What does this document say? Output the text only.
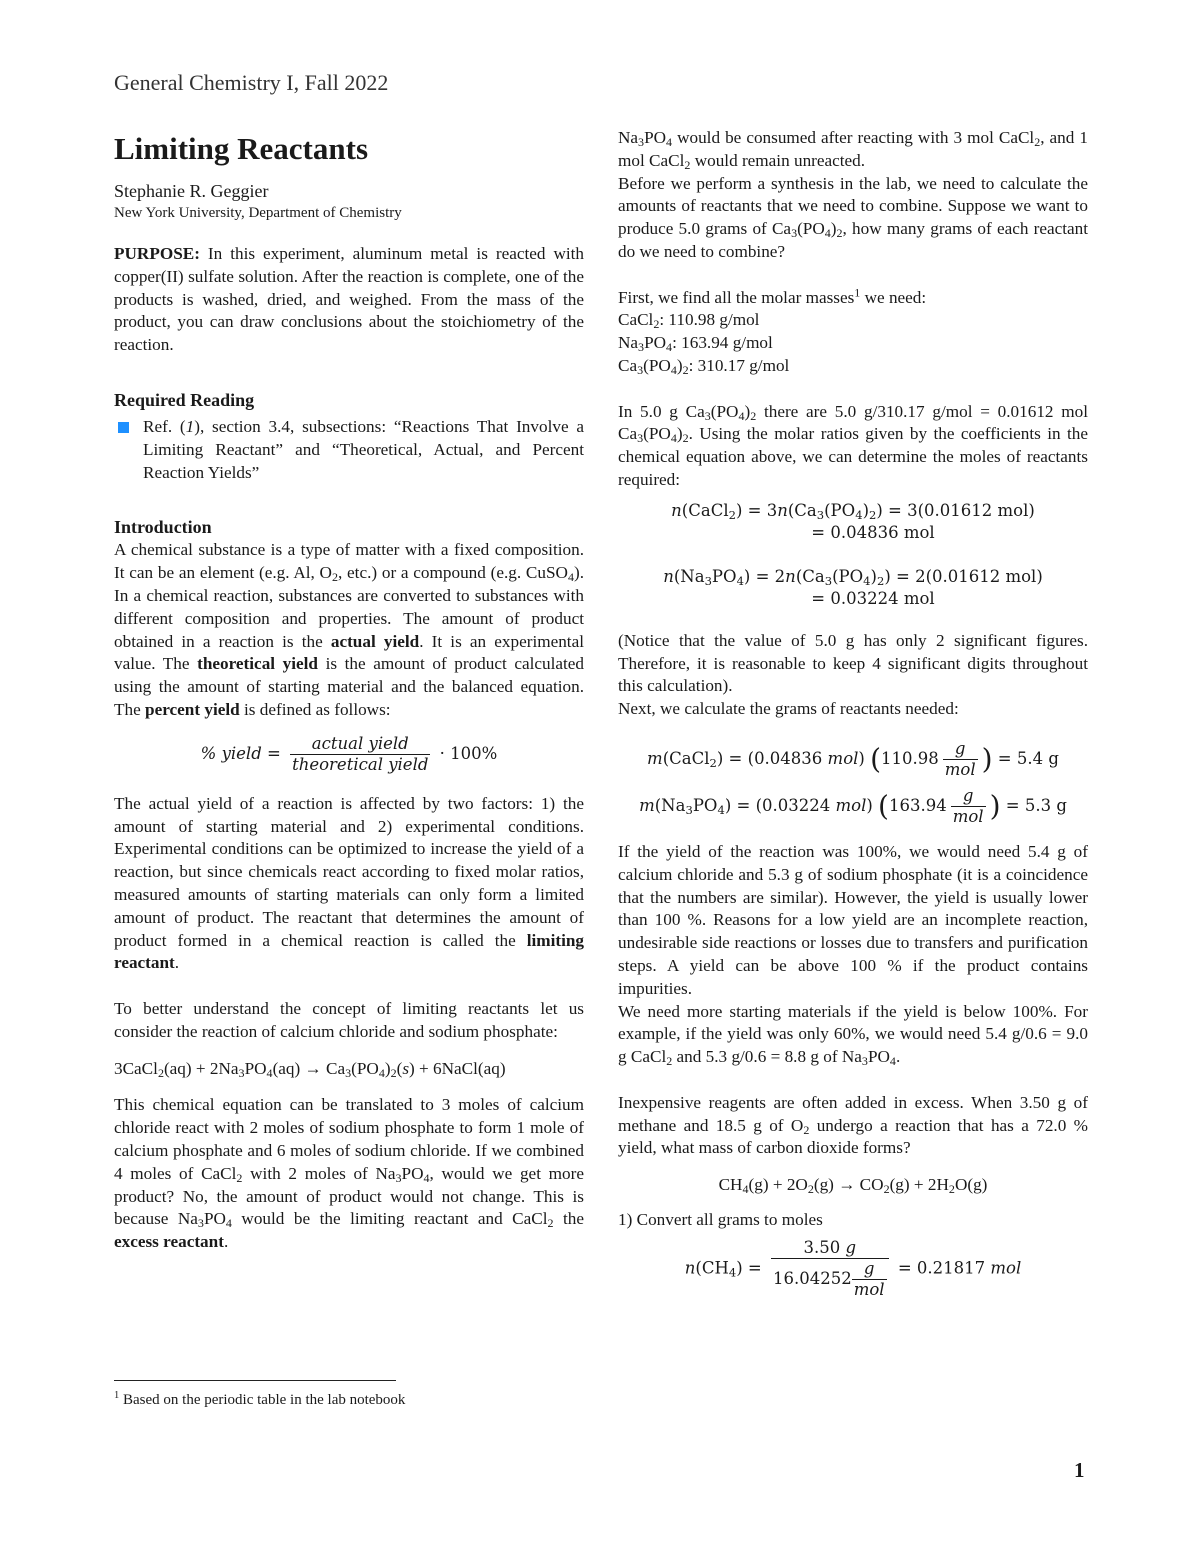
General Chemistry I, Fall 2022
Limiting Reactants
Stephanie R. Geggier
New York University, Department of Chemistry

PURPOSE: In this experiment, aluminum metal is reacted with copper(II) sulfate solution. After the reaction is complete, one of the products is washed, dried, and weighed. From the mass of the product, you can draw conclusions about the stoichiometry of the reaction.

Required Reading

Ref. (1), section 3.4, subsections: “Reactions That Involve a Limiting Reactant” and “Theoretical, Actual, and Percent Reaction Yields”

Introduction

A chemical substance is a type of matter with a fixed composition. It can be an element (e.g. Al, $O_2$, etc.) or a compound (e.g. CuSO$_4$). In a chemical reaction, substances are converted to substances with different composition and properties. The amount of product obtained in a reaction is the actual yield. It is an experimental value. The theoretical yield is the amount of product calculated using the amount of starting material and the balanced equation. The percent yield is defined as follows:

% yield = $\frac{\text{actual yield}}{\text{theoretical yield}} \cdot 100\%$

The actual yield of a reaction is affected by two factors: 1) the amount of starting material and 2) experimental conditions. Experimental conditions can be optimized to increase the yield of a reaction, but since chemicals react according to fixed molar ratios, measured amounts of starting materials can only form a limited amount of product. The reactant that determines the amount of product formed in a chemical reaction is called the limiting reactant.

To better understand the concept of limiting reactants let us consider the reaction of calcium chloride and sodium phosphate:

3CaCl$_2$(aq) + $2Na_3PO_4(aq) \to Ca_3(PO_4)_2(s)$ + 6NaCl(aq)

This chemical equation can be translated to 3 moles of calcium chloride react with 2 moles of sodium phosphate to form 1 mole of calcium phosphate and 6 moles of sodium chloride. If we combined 4 moles of CaCl$_2$ with 2 moles of $Na_3PO_4$, would we get more product? No, the amount of product would not change. This is because $Na_3PO_4$ would be the limiting reactant and CaCl$_2$ the excess reactant.

$Na_3PO_4$ would be consumed after reacting with 3 mol CaCl$_2$, and 1 mol CaCl$_2$ would remain unreacted.

Before we perform a synthesis in the lab, we need to calculate the amounts of reactants that we need to combine. Suppose we want to produce 5.0 grams of $Ca_3(PO_4)_2$, how many grams of each reactant do we need to combine?

First, we find all the molar masses$^1$ we need:

CaCl$_2$: 110.98 g/mol

$Na_3PO_4$: 163.94 g/mol

$Ca_3(PO_4)_2$: 310.17 g/mol

In 5.0 g $Ca_3(PO_4)_2$ there are 5.0 g/310.17 g/mol = 0.01612 mol $Ca_3(PO_4)_2$. Using the molar ratios given by the coefficients in the chemical equation above, we can determine the moles of reactants required:

n(CaCl$_2$) = $3n(Ca_3(PO_4)_2) = 3(0.01612$ mol)
= 0.04836 mol
$n(Na_3PO_4) = 2n(Ca_3(PO_4)_2) = 2(0.01612$ mol)
= 0.03224 mol

(Notice that the value of 5.0 g has only 2 significant figures. Therefore, it is reasonable to keep 4 significant digits throughout this calculation).

Next, we calculate the grams of reactants needed:

m(CaCl$_2$) = (0.04836 mol) ($110.98 \frac{g}{\text{mol}}$ ) = 5.4 g
$m(Na_3PO_4) = (0.03224$ mol) ($163.94 \frac{g}{\text{mol}}$ ) = 5.3 g

If the yield of the reaction was 100%, we would need 5.4 g of calcium chloride and 5.3 g of sodium phosphate (it is a coincidence that the numbers are similar). However, the yield is usually lower than 100 %. Reasons for a low yield are an incomplete reaction, undesirable side reactions or losses due to transfers and purification steps. A yield can be above 100 % if the product contains impurities.

We need more starting materials if the yield is below 100%. For example, if the yield was only 60%, we would need 5.4 g/0.6 = 9.0 g CaCl$_2$ and 5.3 g/0.6 = 8.8 g of $Na_3PO_4$.

Inexpensive reagents are often added in excess. When 3.50 g of methane and 18.5 g of $O_2$ undergo a reaction that has a 72.0 % yield, what mass of carbon dioxide forms?

$CH_4(g) + 2O_2(g) \to CO_2(g) + 2H_2O(g)$

1) Convert all grams to moles

$n(CH_4) = \frac{3.50 g}{16.04252 \frac{g}{\text{mol}}} = 0.21817$ mol
$^1$ Based on the periodic table in the lab notebook
1
